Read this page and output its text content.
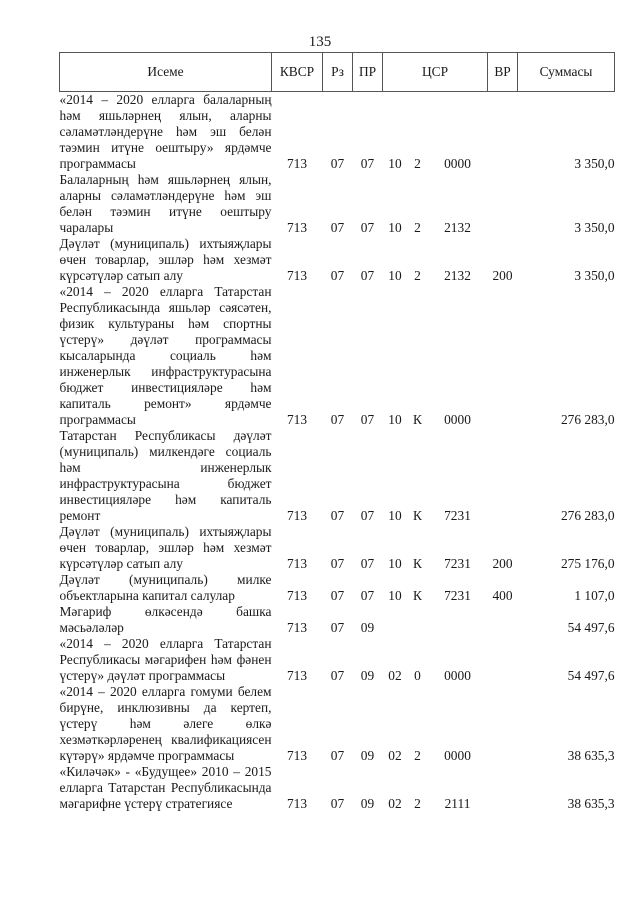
135
Исеме	КВСР	Рз	ПР	ЦСР			ВР	Суммасы
«2014 – 2020 елларга балаларның һәм яшьләрнең ялын, аларны сәламәтләндерүне һәм эш белән тәэмин итүне оештыру» ярдәмче программасы	713	07	07	10	2	0000		3 350,0
Балаларның һәм яшьләрнең ялын, аларны сәламәтләндерүне һәм эш белән тәэмин итүне оештыру чаралары	713	07	07	10	2	2132		3 350,0
Дәүләт (муниципаль) ихтыяҗлары өчен товарлар, эшләр һәм хезмәт күрсәтүләр сатып алу	713	07	07	10	2	2132	200	3 350,0
«2014 – 2020 елларга Татарстан Республикасында яшьләр сәясәтен, физик культураны һәм спортны үстерү» дәүләт программасы кысаларында социаль һәм инженерлык инфраструктурасына бюджет инвестицияләре һәм капиталь ремонт» ярдәмче программасы	713	07	07	10	К	0000		276 283,0
Татарстан Республикасы дәүләт (муниципаль) милкендәге социаль һәм инженерлык инфраструктурасына бюджет инвестицияләре һәм капиталь ремонт	713	07	07	10	К	7231		276 283,0
Дәүләт (муниципаль) ихтыяҗлары өчен товарлар, эшләр һәм хезмәт күрсәтүләр сатып алу	713	07	07	10	К	7231	200	275 176,0
Дәүләт (муниципаль) милке объектларына капитал салулар	713	07	07	10	К	7231	400	1 107,0
Мәгариф өлкәсендә башка мәсьәләләр	713	07	09					54 497,6
«2014 – 2020 елларга Татарстан Республикасы мәгарифен һәм фәнен үстерү» дәүләт программасы	713	07	09	02	0	0000		54 497,6
«2014 – 2020 елларга гомуми белем бирүне, инклюзивны да кертеп, үстерү һәм әлеге өлкә хезмәткәрләренең квалификациясен күтәрү» ярдәмче программасы	713	07	09	02	2	0000		38 635,3
«Киләчәк» - «Будущее» 2010 – 2015 елларга Татарстан Республикасында мәгарифне үстерү стратегиясе	713	07	09	02	2	2111		38 635,3
